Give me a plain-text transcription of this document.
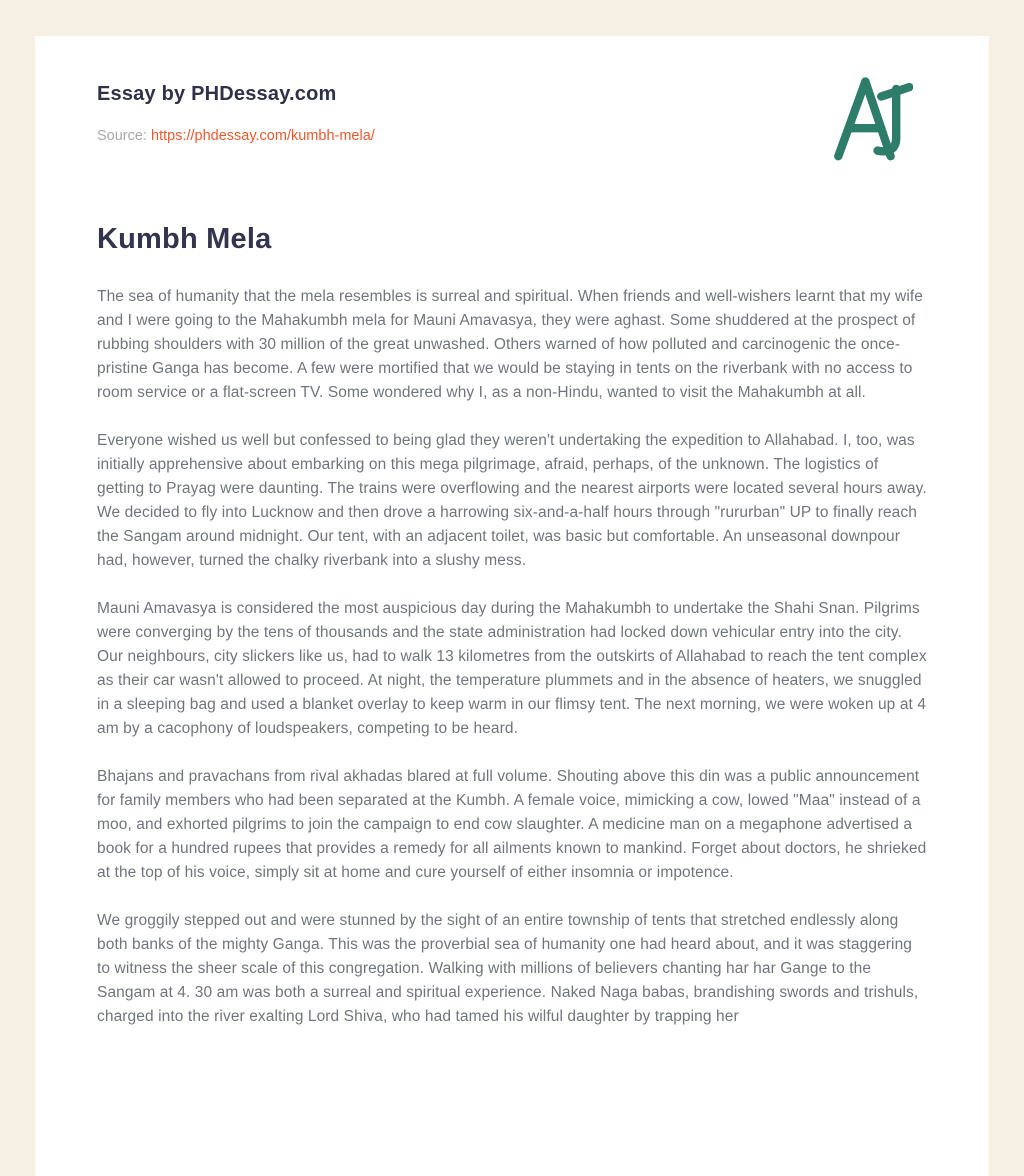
Essay by PHDessay.com
Source: https://phdessay.com/kumbh-mela/
Kumbh Mela

The sea of humanity that the mela resembles is surreal and spiritual. When friends and well-wishers learnt that my wife and I were going to the Mahakumbh mela for Mauni Amavasya, they were aghast. Some shuddered at the prospect of rubbing shoulders with 30 million of the great unwashed. Others warned of how polluted and carcinogenic the once-pristine Ganga has become. A few were mortified that we would be staying in tents on the riverbank with no access to room service or a flat-screen TV. Some wondered why I, as a non-Hindu, wanted to visit the Mahakumbh at all.

Everyone wished us well but confessed to being glad they weren't undertaking the expedition to Allahabad. I, too, was initially apprehensive about embarking on this mega pilgrimage, afraid, perhaps, of the unknown. The logistics of getting to Prayag were daunting. The trains were overflowing and the nearest airports were located several hours away. We decided to fly into Lucknow and then drove a harrowing six-and-a-half hours through "rururban" UP to finally reach the Sangam around midnight. Our tent, with an adjacent toilet, was basic but comfortable. An unseasonal downpour had, however, turned the chalky riverbank into a slushy mess.

Mauni Amavasya is considered the most auspicious day during the Mahakumbh to undertake the Shahi Snan. Pilgrims were converging by the tens of thousands and the state administration had locked down vehicular entry into the city. Our neighbours, city slickers like us, had to walk 13 kilometres from the outskirts of Allahabad to reach the tent complex as their car wasn't allowed to proceed. At night, the temperature plummets and in the absence of heaters, we snuggled in a sleeping bag and used a blanket overlay to keep warm in our flimsy tent. The next morning, we were woken up at 4 am by a cacophony of loudspeakers, competing to be heard.

Bhajans and pravachans from rival akhadas blared at full volume. Shouting above this din was a public announcement for family members who had been separated at the Kumbh. A female voice, mimicking a cow, lowed "Maa" instead of a moo, and exhorted pilgrims to join the campaign to end cow slaughter. A medicine man on a megaphone advertised a book for a hundred rupees that provides a remedy for all ailments known to mankind. Forget about doctors, he shrieked at the top of his voice, simply sit at home and cure yourself of either insomnia or impotence.

We groggily stepped out and were stunned by the sight of an entire township of tents that stretched endlessly along both banks of the mighty Ganga. This was the proverbial sea of humanity one had heard about, and it was staggering to witness the sheer scale of this congregation. Walking with millions of believers chanting har har Gange to the Sangam at 4. 30 am was both a surreal and spiritual experience. Naked Naga babas, brandishing swords and trishuls, charged into the river exalting Lord Shiva, who had tamed his wilful daughter by trapping her
